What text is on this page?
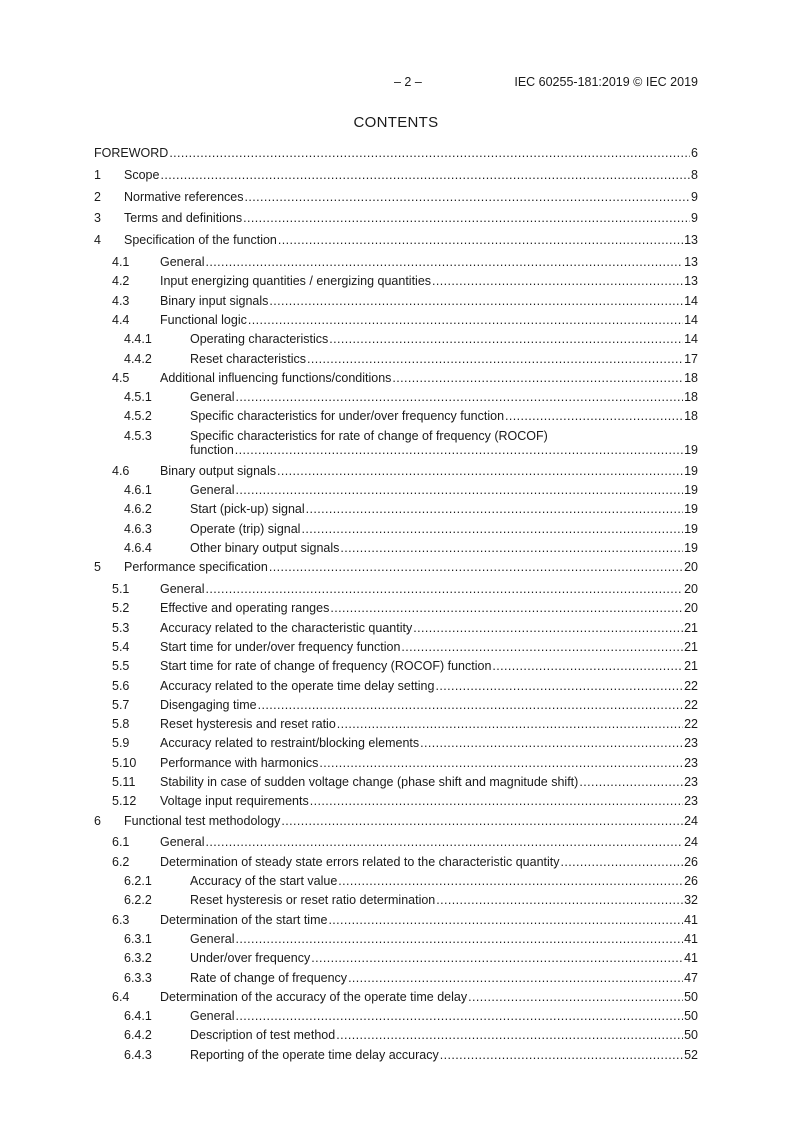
– 2 –	IEC 60255-181:2019 © IEC 2019
CONTENTS
FOREWORD .....	6
1 Scope .....	8
2 Normative references .....	9
3 Terms and definitions .....	9
4 Specification of the function .....	13
4.1 General .....	13
4.2 Input energizing quantities / energizing quantities .....	13
4.3 Binary input signals .....	14
4.4 Functional logic .....	14
4.4.1	Operating characteristics .....	14
4.4.2	Reset characteristics .....	17
4.5 Additional influencing functions/conditions .....	18
4.5.1	General .....	18
4.5.2	Specific characteristics for under/over frequency function .....	18
4.5.3	Specific characteristics for rate of change of frequency (ROCOF)
function .....	19
4.6 Binary output signals .....	19
4.6.1	General .....	19
4.6.2	Start (pick-up) signal .....	19
4.6.3	Operate (trip) signal .....	19
4.6.4	Other binary output signals .....	19
5 Performance specification .....	20
5.1 General .....	20
5.2 Effective and operating ranges .....	20
5.3 Accuracy related to the characteristic quantity .....	21
5.4 Start time for under/over frequency function .....	21
5.5 Start time for rate of change of frequency (ROCOF) function .....	21
5.6 Accuracy related to the operate time delay setting .....	22
5.7 Disengaging time .....	22
5.8 Reset hysteresis and reset ratio .....	22
5.9 Accuracy related to restraint/blocking elements .....	23
5.10 Performance with harmonics .....	23
5.11 Stability in case of sudden voltage change (phase shift and magnitude shift) .....	23
5.12 Voltage input requirements .....	23
6 Functional test methodology .....	24
6.1 General .....	24
6.2 Determination of steady state errors related to the characteristic quantity .....	26
6.2.1	Accuracy of the start value .....	26
6.2.2	Reset hysteresis or reset ratio determination .....	32
6.3 Determination of the start time .....	41
6.3.1	General .....	41
6.3.2	Under/over frequency .....	41
6.3.3	Rate of change of frequency .....	47
6.4 Determination of the accuracy of the operate time delay .....	50
6.4.1	General .....	50
6.4.2	Description of test method .....	50
6.4.3	Reporting of the operate time delay accuracy .....	52
